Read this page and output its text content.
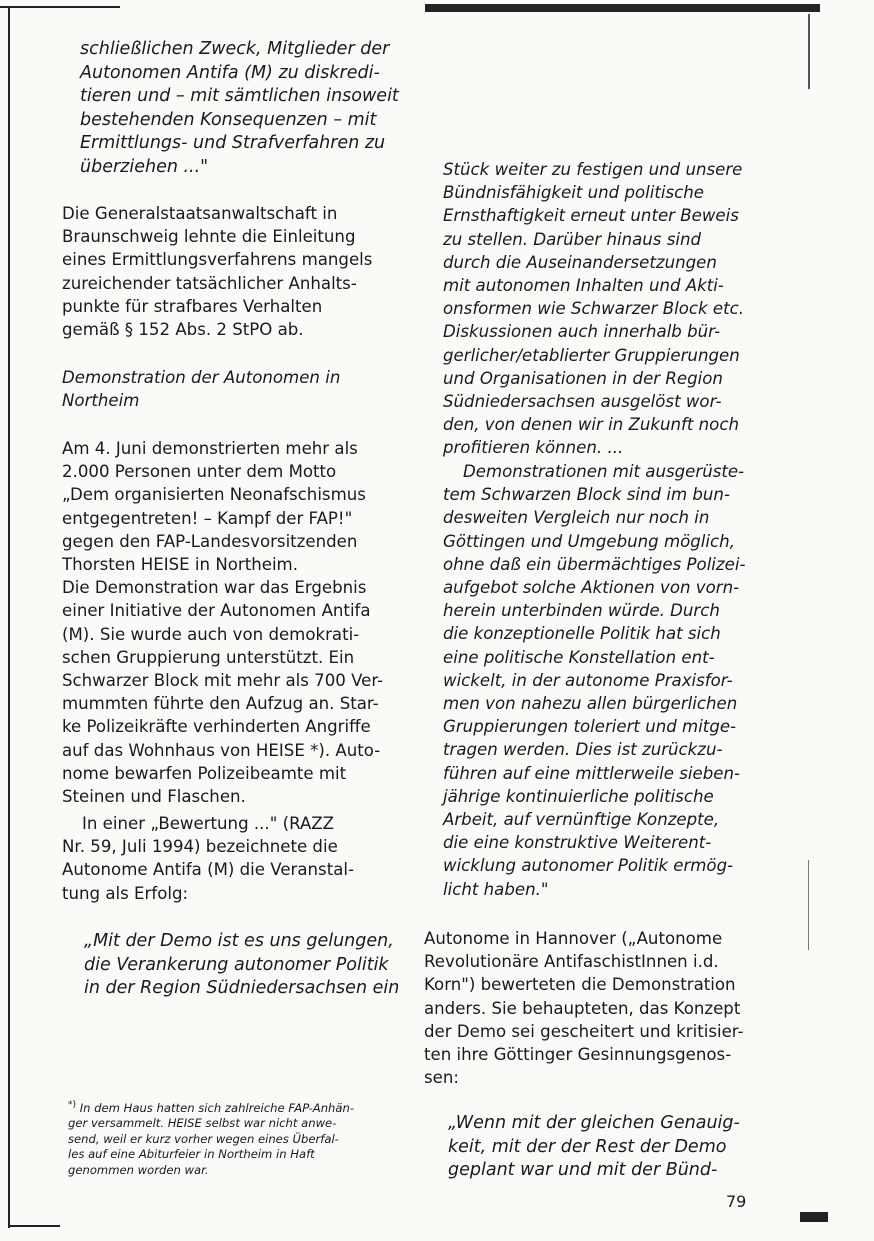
schließlichen Zweck, Mitglieder der
Autonomen Antifa (M) zu diskredi-
tieren und – mit sämtlichen insoweit
bestehenden Konsequenzen – mit
Ermittlungs- und Strafverfahren zu
überziehen ..."
Die Generalstaatsanwaltschaft in
Braunschweig lehnte die Einleitung
eines Ermittlungsverfahrens mangels
zureichender tatsächlicher Anhalts-
punkte für strafbares Verhalten
gemäß § 152 Abs. 2 StPO ab.
Demonstration der Autonomen in
Northeim
Am 4. Juni demonstrierten mehr als
2.000 Personen unter dem Motto
„Dem organisierten Neonafschismus
entgegentreten! – Kampf der FAP!"
gegen den FAP-Landesvorsitzenden
Thorsten HEISE in Northeim.
Die Demonstration war das Ergebnis
einer Initiative der Autonomen Antifa
(M). Sie wurde auch von demokrati-
schen Gruppierung unterstützt. Ein
Schwarzer Block mit mehr als 700 Ver-
mummten führte den Aufzug an. Star-
ke Polizeikräfte verhinderten Angriffe
auf das Wohnhaus von HEISE *). Auto-
nome bewarfen Polizeibeamte mit
Steinen und Flaschen.
In einer „Bewertung ..." (RAZZ
Nr. 59, Juli 1994) bezeichnete die
Autonome Antifa (M) die Veranstal-
tung als Erfolg:
„Mit der Demo ist es uns gelungen,
die Verankerung autonomer Politik
in der Region Südniedersachsen ein
*) In dem Haus hatten sich zahlreiche FAP-Anhän-
ger versammelt. HEISE selbst war nicht anwe-
send, weil er kurz vorher wegen eines Überfal-
les auf eine Abiturfeier in Northeim in Haft
genommen worden war.
Stück weiter zu festigen und unsere
Bündnisfähigkeit und politische
Ernsthaftigkeit erneut unter Beweis
zu stellen. Darüber hinaus sind
durch die Auseinandersetzungen
mit autonomen Inhalten und Akti-
onsformen wie Schwarzer Block etc.
Diskussionen auch innerhalb bür-
gerlicher/etablierter Gruppierungen
und Organisationen in der Region
Südniedersachsen ausgelöst wor-
den, von denen wir in Zukunft noch
profitieren können. ...
Demonstrationen mit ausgerüste-
tem Schwarzen Block sind im bun-
desweiten Vergleich nur noch in
Göttingen und Umgebung möglich,
ohne daß ein übermächtiges Polizei-
aufgebot solche Aktionen von vorn-
herein unterbinden würde. Durch
die konzeptionelle Politik hat sich
eine politische Konstellation ent-
wickelt, in der autonome Praxisfor-
men von nahezu allen bürgerlichen
Gruppierungen toleriert und mitge-
tragen werden. Dies ist zurückzu-
führen auf eine mittlerweile sieben-
jährige kontinuierliche politische
Arbeit, auf vernünftige Konzepte,
die eine konstruktive Weiterent-
wicklung autonomer Politik ermög-
licht haben."
Autonome in Hannover („Autonome
Revolutionäre AntifaschistInnen i.d.
Korn") bewerteten die Demonstration
anders. Sie behaupteten, das Konzept
der Demo sei gescheitert und kritisier-
ten ihre Göttinger Gesinnungsgenos-
sen:
„Wenn mit der gleichen Genauig-
keit, mit der der Rest der Demo
geplant war und mit der Bünd-
79
